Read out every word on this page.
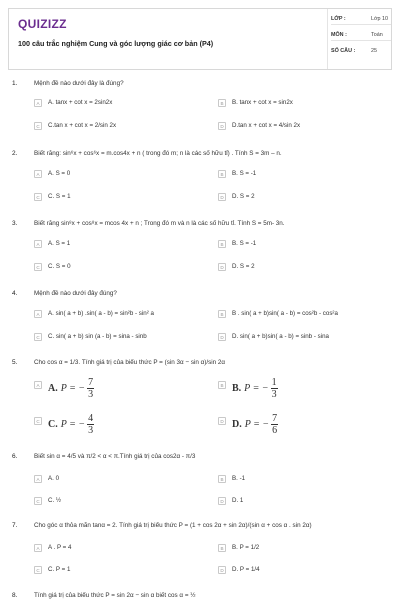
QUIZIZZ
100 câu trắc nghiệm Cung và góc lượng giác cơ bản (P4)
LỚP :	Lớp 10
MÔN :	Toán
SỐ CÂU :	25
1.	Mệnh đề nào dưới đây là đúng?
A	A. tanx + cot x = 2sin2x	B	B. tanx + cot x = sin2x
C	C.tan x + cot x = 2/sin 2x	D	D.tan x + cot x = 4/sin 2x
2.	Biết rằng: sin⁶x + cos⁶x = m.cos4x + n ( trong đó m; n là các số hữu tỉ) . Tính S = 3m – n.
A	A. S = 0	B	B. S = -1
C	C. S = 1	D	D. S = 2
3.	Biết rằng sin⁸x + cos⁸x = mcos 4x + n ; Trong đó m và n là các số hữu tỉ. Tính S = 5m- 3n.
A	A. S = 1	B	B. S = -1
C	C. S = 0	D	D. S = 2
4.	Mệnh đề nào dưới đây đúng?
A	A. sin( a + b) .sin( a - b) = sin²b - sin² a	B	B . sin( a + b)sin( a - b) = cos²b - cos²a
C	C. sin( a + b) sin (a - b) = sina - sinb	D	D. sin( a + b)sin( a - b) = sinb - sina
5.	Cho cos α = 1/3. Tính giá trị của biểu thức P = (sin 3α − sin α)/sin 2α
A A. P = − $\frac{7}{3}$	B B. P = − $\frac{1}{3}$
C C. P = − $\frac{4}{3}$	D D. P = − $\frac{7}{6}$
6.	Biết sin α = 4/5 và π/2 < α < π.Tính giá trị của cos2α - π/3
A	A. 0	B	B. -1
C	C. ½	D	D. 1
7.	Cho góc α thỏa mãn tanα = 2. Tính giá trị biểu thức P = (1 + cos 2α + sin 2α)/(sin α + cos α . sin 2α)
A	A . P = 4	B	B. P = 1/2
C	C. P = 1	D	D. P = 1/4
8.	Tính giá trị của biểu thức P = sin 2α − sin α biết cos α = ½
